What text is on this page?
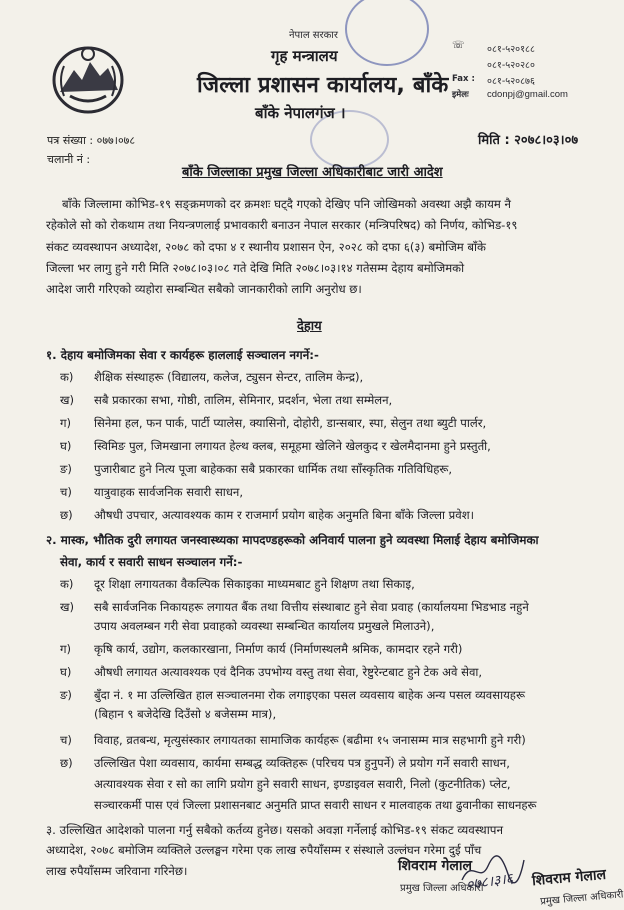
नेपाल सरकार
गृह मन्त्रालय
जिल्ला प्रशासन कार्यालय, बाँके
बाँके नेपालगंज ।
☏ ०८१-५२०१८८
०८१-५२०२८०
Fax : ०८१-५२०८७६
इमेलः cdonpj@gmail.com
पत्र संख्या : ०७७।०७८
चलानी नं :
मिति : २०७८।०३।०७
बाँके जिल्लाका प्रमुख जिल्ला अधिकारीबाट जारी आदेश
बाँके जिल्लामा कोभिड-१९ सङ्क्रमणको दर क्रमशः घट्दै गएको देखिए पनि जोखिमको अवस्था अझै कायम नै
रहेकोले सो को रोकथाम तथा नियन्त्रणलाई प्रभावकारी बनाउन नेपाल सरकार (मन्त्रिपरिषद) को निर्णय, कोभिड-१९
संकट व्यवस्थापन अध्यादेश, २०७८ को दफा ४ र स्थानीय प्रशासन ऐन, २०२८ को दफा ६(३) बमोजिम बाँके
जिल्ला भर लागु हुने गरी मिति २०७८।०३।०८ गते देखि मिति २०७८।०३।१४ गतेसम्म देहाय बमोजिमको
आदेश जारी गरिएको व्यहोरा सम्बन्धित सबैको जानकारीको लागि अनुरोध छ।
देहाय
१. देहाय बमोजिमका सेवा र कार्यहरू हाललाई सञ्चालन नगर्ने:-
क) शैक्षिक संस्थाहरू (विद्यालय, कलेज, ट्युसन सेन्टर, तालिम केन्द्र),
ख) सबै प्रकारका सभा, गोष्ठी, तालिम, सेमिनार, प्रदर्शन, भेला तथा सम्मेलन,
ग) सिनेमा हल, फन पार्क, पार्टी प्यालेस, क्यासिनो, दोहोरी, डान्सबार, स्पा, सेलुन तथा ब्युटी पार्लर,
घ) स्विमिङ पुल, जिमखाना लगायत हेल्थ क्लब, समूहमा खेलिने खेलकुद र खेलमैदानमा हुने प्रस्तुती,
ङ) पुजारीबाट हुने नित्य पूजा बाहेकका सबै प्रकारका धार्मिक तथा साँस्कृतिक गतिविधिहरू,
च) यात्रुवाहक सार्वजनिक सवारी साधन,
छ) औषधी उपचार, अत्यावश्यक काम र राजमार्ग प्रयोग बाहेक अनुमति बिना बाँके जिल्ला प्रवेश।
२. मास्क, भौतिक दुरी लगायत जनस्वास्थ्यका मापदण्डहरूको अनिवार्य पालना हुने व्यवस्था मिलाई देहाय बमोजिमका
सेवा, कार्य र सवारी साधन सञ्चालन गर्ने:-
क) दूर शिक्षा लगायतका वैकल्पिक सिकाइका माध्यमबाट हुने शिक्षण तथा सिकाइ,
ख) सबै सार्वजनिक निकायहरू लगायत बैंक तथा वित्तीय संस्थाबाट हुने सेवा प्रवाह (कार्यालयमा भिडभाड नहुने
उपाय अवलम्बन गरी सेवा प्रवाहको व्यवस्था सम्बन्धित कार्यालय प्रमुखले मिलाउने),
ग) कृषि कार्य, उद्योग, कलकारखाना, निर्माण कार्य (निर्माणस्थलमै श्रमिक, कामदार रहने गरी)
घ) औषधी लगायत अत्यावश्यक एवं दैनिक उपभोग्य वस्तु तथा सेवा, रेष्टुरेन्टबाट हुने टेक अवे सेवा,
ङ) बुँदा नं. १ मा उल्लिखित हाल सञ्चालनमा रोक लगाइएका पसल व्यवसाय बाहेक अन्य पसल व्यवसायहरू
(बिहान ९ बजेदेखि दिउँसो ४ बजेसम्म मात्र),
च) विवाह, व्रतबन्ध, मृत्युसंस्कार लगायतका सामाजिक कार्यहरू (बढीमा १५ जनासम्म मात्र सहभागी हुने गरी)
छ) उल्लिखित पेशा व्यवसाय, कार्यमा सम्बद्ध व्यक्तिहरू (परिचय पत्र हुनुपर्ने) ले प्रयोग गर्ने सवारी साधन,
अत्यावश्यक सेवा र सो का लागि प्रयोग हुने सवारी साधन, इण्डाइवल सवारी, निलो (कुटनीतिक) प्लेट,
सञ्चारकर्मी पास एवं जिल्ला प्रशासनबाट अनुमति प्राप्त सवारी साधन र मालवाहक तथा ढुवानीका साधनहरू
३. उल्लिखित आदेशको पालना गर्नु सबैको कर्तव्य हुनेछ। यसको अवज्ञा गर्नेलाई कोभिड-१९ संकट व्यवस्थापन
अध्यादेश, २०७८ बमोजिम व्यक्तिले उल्लङ्घन गरेमा एक लाख रुपैयाँसम्म र संस्थाले उल्लंघन गरेमा दुई पाँच
लाख रुपैयाँसम्म जरिवाना गरिनेछ।	शिवराम गेलाल
प्रमुख जिल्ला अधिकारी
०७८।३।६ शिवराम गेलाल
प्रमुख जिल्ला अधिकारी
